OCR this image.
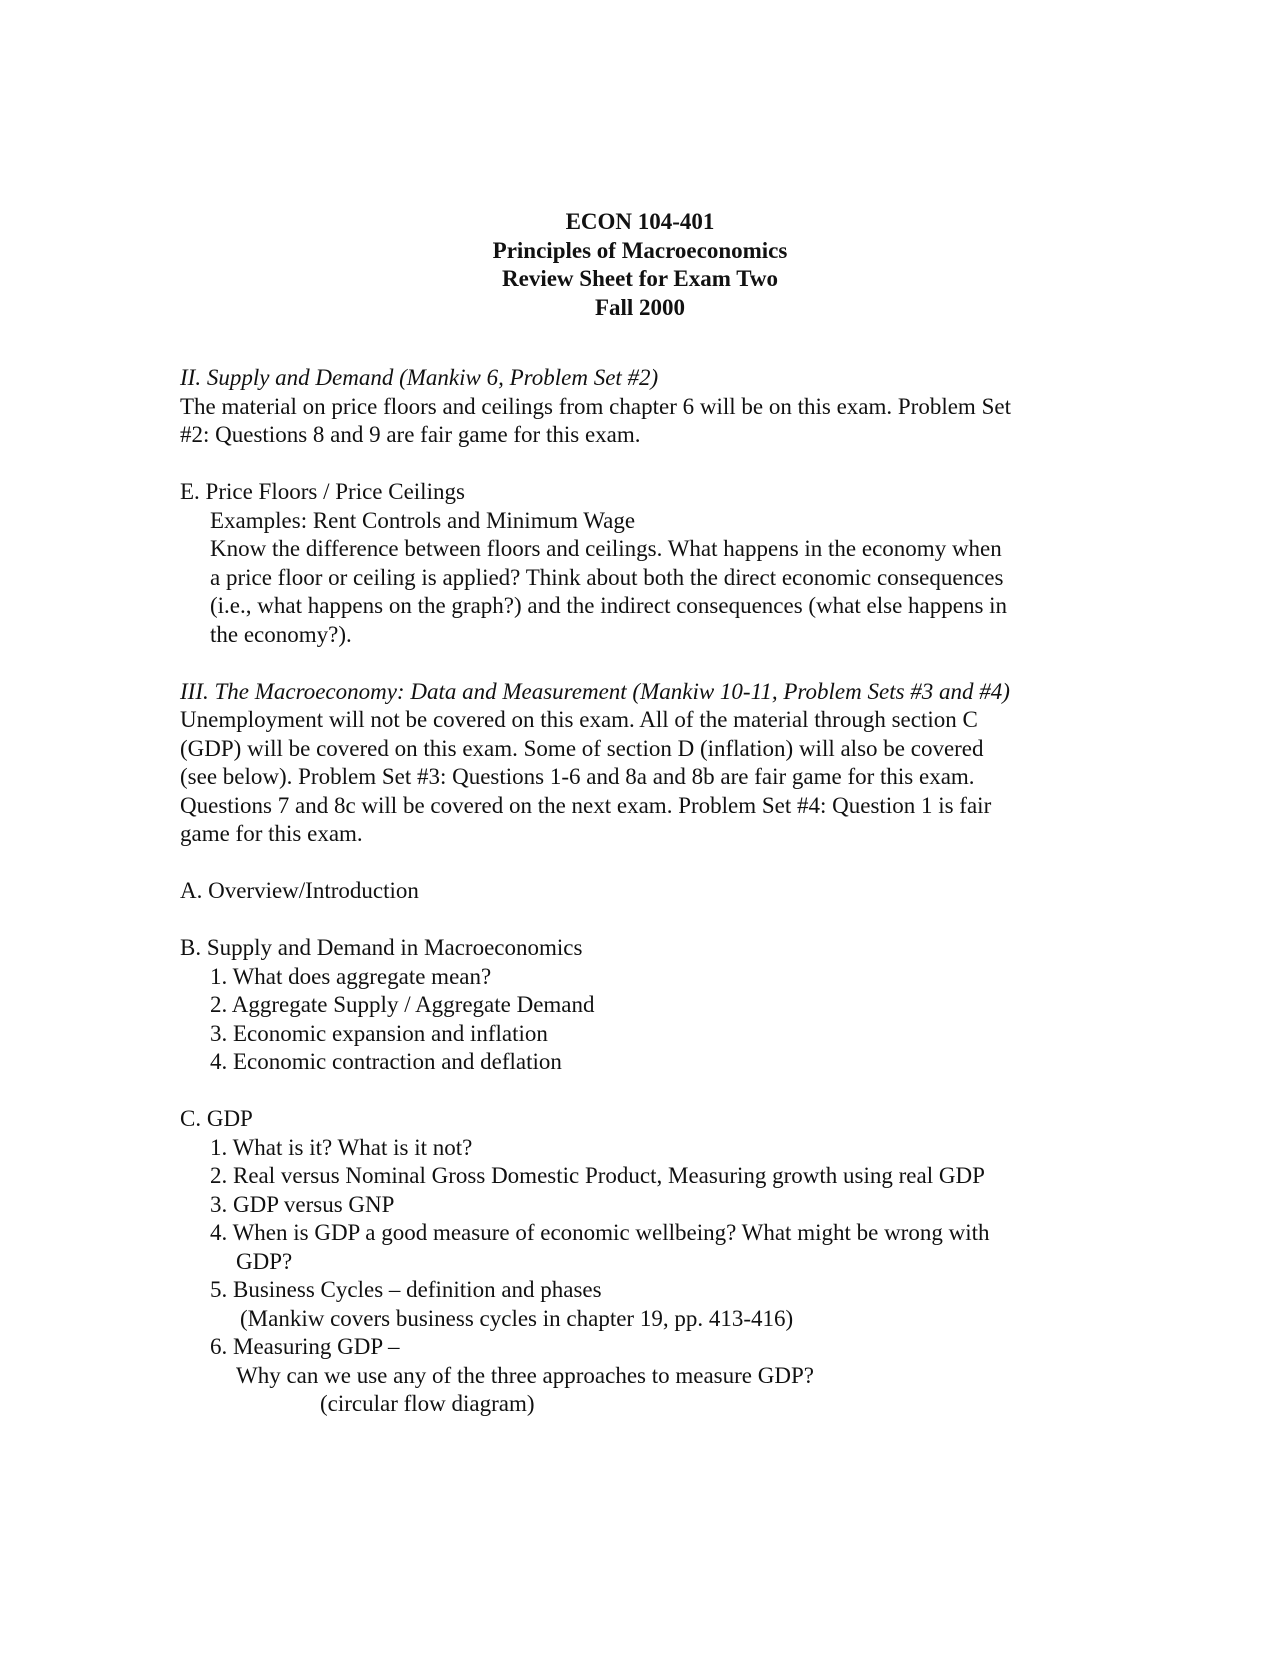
ECON 104-401
Principles of Macroeconomics
Review Sheet for Exam Two
Fall 2000
II. Supply and Demand (Mankiw 6, Problem Set #2)
The material on price floors and ceilings from chapter 6 will be on this exam. Problem Set
#2: Questions 8 and 9 are fair game for this exam.
E. Price Floors / Price Ceilings
Examples: Rent Controls and Minimum Wage
Know the difference between floors and ceilings. What happens in the economy when
a price floor or ceiling is applied? Think about both the direct economic consequences
(i.e., what happens on the graph?) and the indirect consequences (what else happens in
the economy?).
III. The Macroeconomy: Data and Measurement (Mankiw 10-11, Problem Sets #3 and #4)
Unemployment will not be covered on this exam. All of the material through section C
(GDP) will be covered on this exam. Some of section D (inflation) will also be covered
(see below). Problem Set #3: Questions 1-6 and 8a and 8b are fair game for this exam.
Questions 7 and 8c will be covered on the next exam. Problem Set #4: Question 1 is fair
game for this exam.
A. Overview/Introduction
B. Supply and Demand in Macroeconomics
1. What does aggregate mean?
2. Aggregate Supply / Aggregate Demand
3. Economic expansion and inflation
4. Economic contraction and deflation
C. GDP
1. What is it? What is it not?
2. Real versus Nominal Gross Domestic Product, Measuring growth using real GDP
3. GDP versus GNP
4. When is GDP a good measure of economic wellbeing? What might be wrong with
GDP?
5. Business Cycles – definition and phases
(Mankiw covers business cycles in chapter 19, pp. 413-416)
6. Measuring GDP –
Why can we use any of the three approaches to measure GDP?
(circular flow diagram)
